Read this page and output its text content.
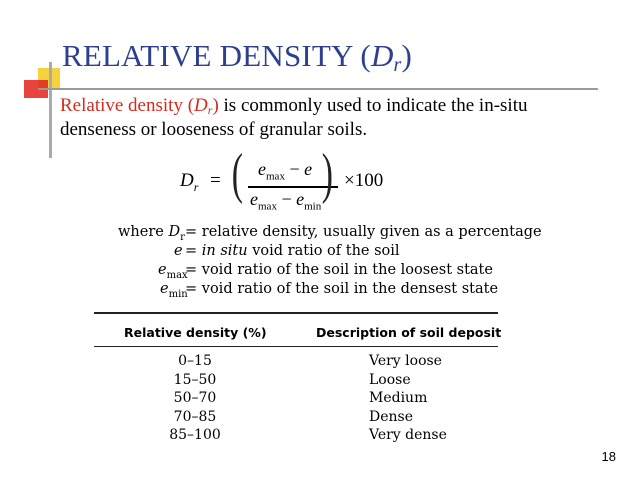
RELATIVE DENSITY $(D_r)$
Relative density $(D_r)$ is commonly used to indicate the in-situ
denseness or looseness of granular soils.
$D_r$ = ( $e_{max} - e$
$e_{max} - e_{min}$
) ×100
where $D_r$ = relative density, usually given as a percentage
e = in situ void ratio of the soil
$e_{max}$
= void ratio of the soil in the loosest state
$e_{min}$
= void ratio of the soil in the densest state
Relative density (%)	Description of soil deposit
0–15	Very loose
15–50	Loose
50–70	Medium
70–85	Dense
85–100	Very dense
18
